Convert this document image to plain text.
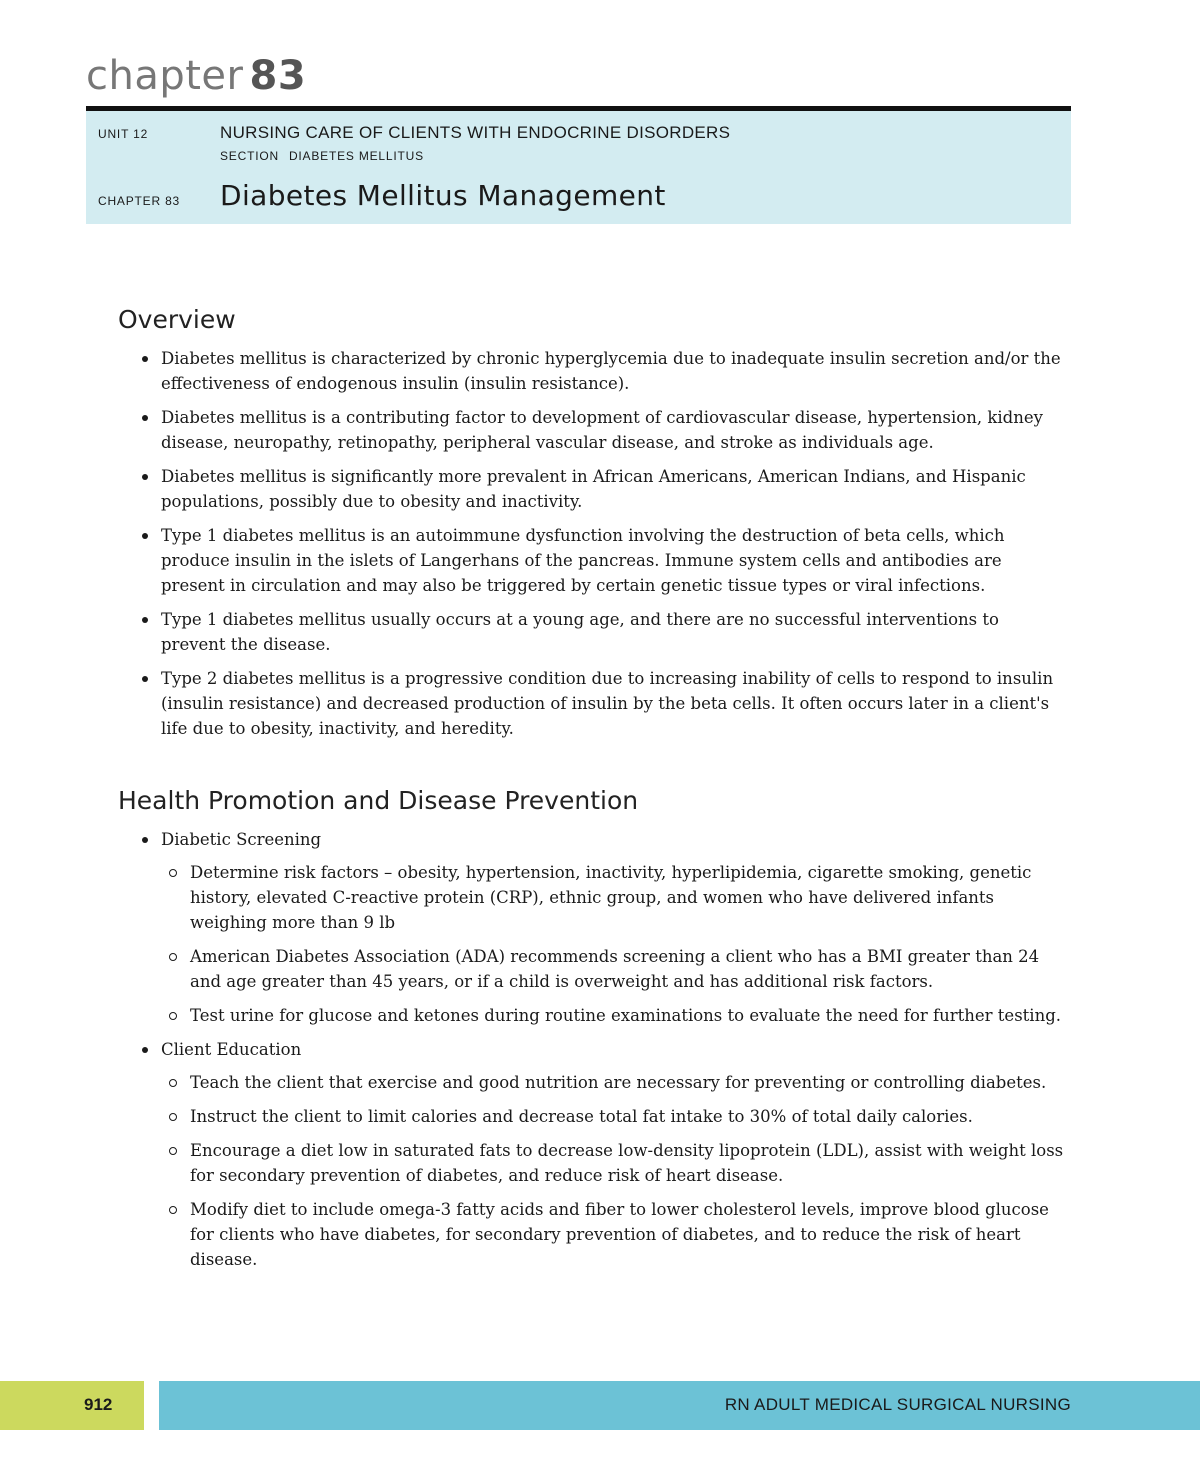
chapter 83
UNIT 12	NURSING CARE OF CLIENTS WITH ENDOCRINE DISORDERS
SECTION DIABETES MELLITUS
CHAPTER 83 Diabetes Mellitus Management
Overview
Diabetes mellitus is characterized by chronic hyperglycemia due to inadequate insulin secretion and/or the effectiveness of endogenous insulin (insulin resistance).
Diabetes mellitus is a contributing factor to development of cardiovascular disease, hypertension, kidney disease, neuropathy, retinopathy, peripheral vascular disease, and stroke as individuals age.
Diabetes mellitus is significantly more prevalent in African Americans, American Indians, and Hispanic populations, possibly due to obesity and inactivity.
Type 1 diabetes mellitus is an autoimmune dysfunction involving the destruction of beta cells, which produce insulin in the islets of Langerhans of the pancreas. Immune system cells and antibodies are present in circulation and may also be triggered by certain genetic tissue types or viral infections.
Type 1 diabetes mellitus usually occurs at a young age, and there are no successful interventions to prevent the disease.
Type 2 diabetes mellitus is a progressive condition due to increasing inability of cells to respond to insulin (insulin resistance) and decreased production of insulin by the beta cells. It often occurs later in a client's life due to obesity, inactivity, and heredity.
Health Promotion and Disease Prevention
Diabetic Screening
Determine risk factors – obesity, hypertension, inactivity, hyperlipidemia, cigarette smoking, genetic history, elevated C-reactive protein (CRP), ethnic group, and women who have delivered infants weighing more than 9 lb
American Diabetes Association (ADA) recommends screening a client who has a BMI greater than 24 and age greater than 45 years, or if a child is overweight and has additional risk factors.
Test urine for glucose and ketones during routine examinations to evaluate the need for further testing.
Client Education
Teach the client that exercise and good nutrition are necessary for preventing or controlling diabetes.
Instruct the client to limit calories and decrease total fat intake to 30% of total daily calories.
Encourage a diet low in saturated fats to decrease low-density lipoprotein (LDL), assist with weight loss for secondary prevention of diabetes, and reduce risk of heart disease.
Modify diet to include omega-3 fatty acids and fiber to lower cholesterol levels, improve blood glucose for clients who have diabetes, for secondary prevention of diabetes, and to reduce the risk of heart disease.
912	RN ADULT MEDICAL SURGICAL NURSING
